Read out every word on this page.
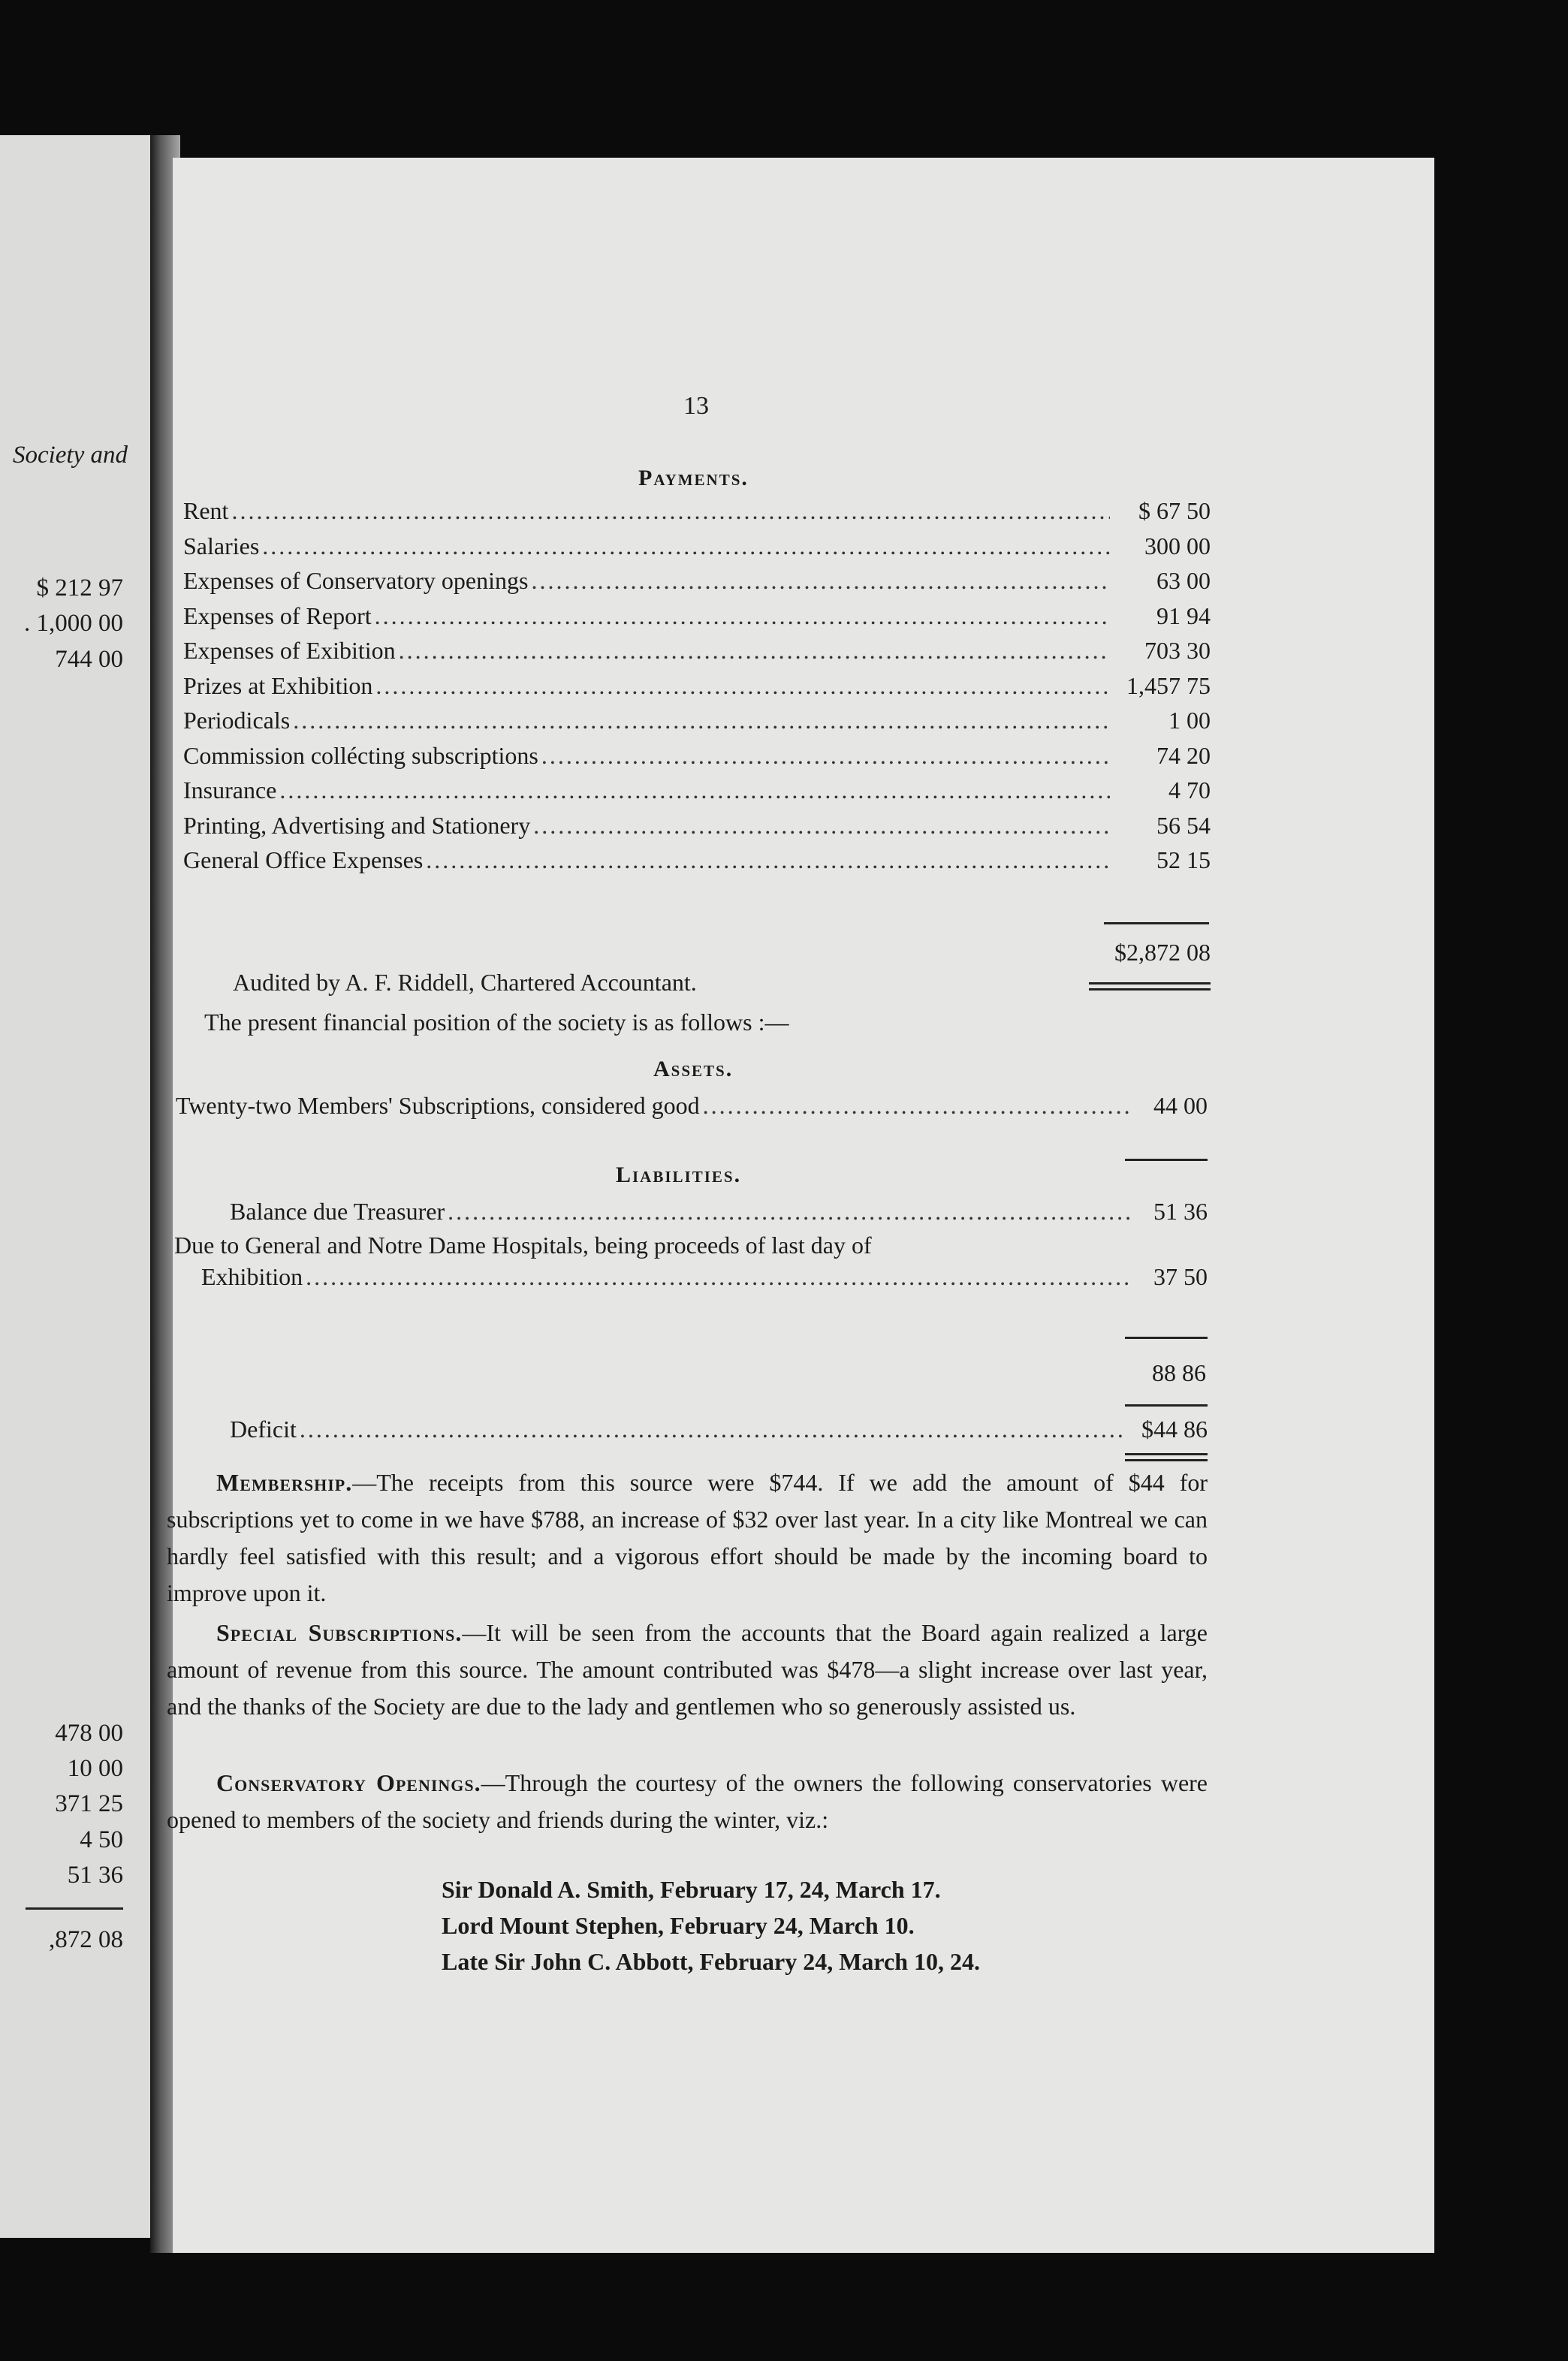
Society and
$ 212 97
. 1,000 00
744 00
478 00
10 00
371 25
4 50
51 36
,872 08
13
Payments.
Rent .....	$ 67 50
Salaries .....	300 00
Expenses of Conservatory openings .....	63 00
Expenses of Report .....	91 94
Expenses of Exibition .....	703 30
Prizes at Exhibition .....	1,457 75
Periodicals .....	1 00
Commission collécting subscriptions .....	74 20
Insurance .....	4 70
Printing, Advertising and Stationery .....	56 54
General Office Expenses .....	52 15
$2,872 08
Audited by A. F. Riddell, Chartered Accountant.
The present financial position of the society is as follows :—
Assets.
Twenty-two Members' Subscriptions, considered good .....	44 00
Liabilities.
Balance due Treasurer .....	51 36
Due to General and Notre Dame Hospitals, being proceeds of last day of
Exhibition .....	37 50
88 86
Deficit .....	$44 86
Membership.—The receipts from this source were $744. If we add the amount of $44 for subscriptions yet to come in we have $788, an increase of $32 over last year. In a city like Montreal we can hardly feel satisfied with this result; and a vigorous effort should be made by the incoming board to improve upon it.
Special Subscriptions.—It will be seen from the accounts that the Board again realized a large amount of revenue from this source. The amount contributed was $478—a slight increase over last year, and the thanks of the Society are due to the lady and gentlemen who so generously assisted us.
Conservatory Openings.—Through the courtesy of the owners the following conservatories were opened to members of the society and friends during the winter, viz.:
Sir Donald A. Smith, February 17, 24, March 17.
Lord Mount Stephen, February 24, March 10.
Late Sir John C. Abbott, February 24, March 10, 24.
